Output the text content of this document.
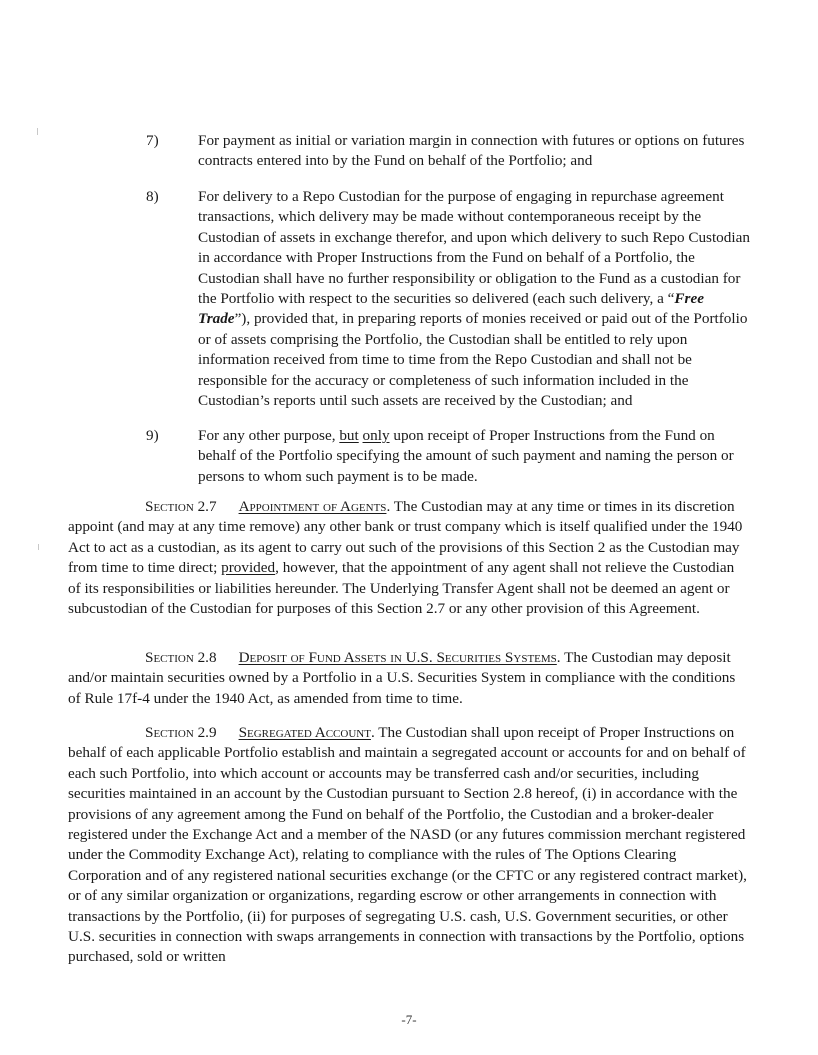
7)	For payment as initial or variation margin in connection with futures or options on futures contracts entered into by the Fund on behalf of the Portfolio; and
8)	For delivery to a Repo Custodian for the purpose of engaging in repurchase agreement transactions, which delivery may be made without contemporaneous receipt by the Custodian of assets in exchange therefor, and upon which delivery to such Repo Custodian in accordance with Proper Instructions from the Fund on behalf of a Portfolio, the Custodian shall have no further responsibility or obligation to the Fund as a custodian for the Portfolio with respect to the securities so delivered (each such delivery, a “Free Trade”), provided that, in preparing reports of monies received or paid out of the Portfolio or of assets comprising the Portfolio, the Custodian shall be entitled to rely upon information received from time to time from the Repo Custodian and shall not be responsible for the accuracy or completeness of such information included in the Custodian’s reports until such assets are received by the Custodian; and
9)	For any other purpose, but only upon receipt of Proper Instructions from the Fund on behalf of the Portfolio specifying the amount of such payment and naming the person or persons to whom such payment is to be made.
Section 2.7 Appointment of Agents. The Custodian may at any time or times in its discretion appoint (and may at any time remove) any other bank or trust company which is itself qualified under the 1940 Act to act as a custodian, as its agent to carry out such of the provisions of this Section 2 as the Custodian may from time to time direct; provided, however, that the appointment of any agent shall not relieve the Custodian of its responsibilities or liabilities hereunder. The Underlying Transfer Agent shall not be deemed an agent or subcustodian of the Custodian for purposes of this Section 2.7 or any other provision of this Agreement.
Section 2.8 Deposit of Fund Assets in U.S. Securities Systems. The Custodian may deposit and/or maintain securities owned by a Portfolio in a U.S. Securities System in compliance with the conditions of Rule 17f-4 under the 1940 Act, as amended from time to time.
Section 2.9 Segregated Account. The Custodian shall upon receipt of Proper Instructions on behalf of each applicable Portfolio establish and maintain a segregated account or accounts for and on behalf of each such Portfolio, into which account or accounts may be transferred cash and/or securities, including securities maintained in an account by the Custodian pursuant to Section 2.8 hereof, (i) in accordance with the provisions of any agreement among the Fund on behalf of the Portfolio, the Custodian and a broker-dealer registered under the Exchange Act and a member of the NASD (or any futures commission merchant registered under the Commodity Exchange Act), relating to compliance with the rules of The Options Clearing Corporation and of any registered national securities exchange (or the CFTC or any registered contract market), or of any similar organization or organizations, regarding escrow or other arrangements in connection with transactions by the Portfolio, (ii) for purposes of segregating U.S. cash, U.S. Government securities, or other U.S. securities in connection with swaps arrangements in connection with transactions by the Portfolio, options purchased, sold or written
-7-
